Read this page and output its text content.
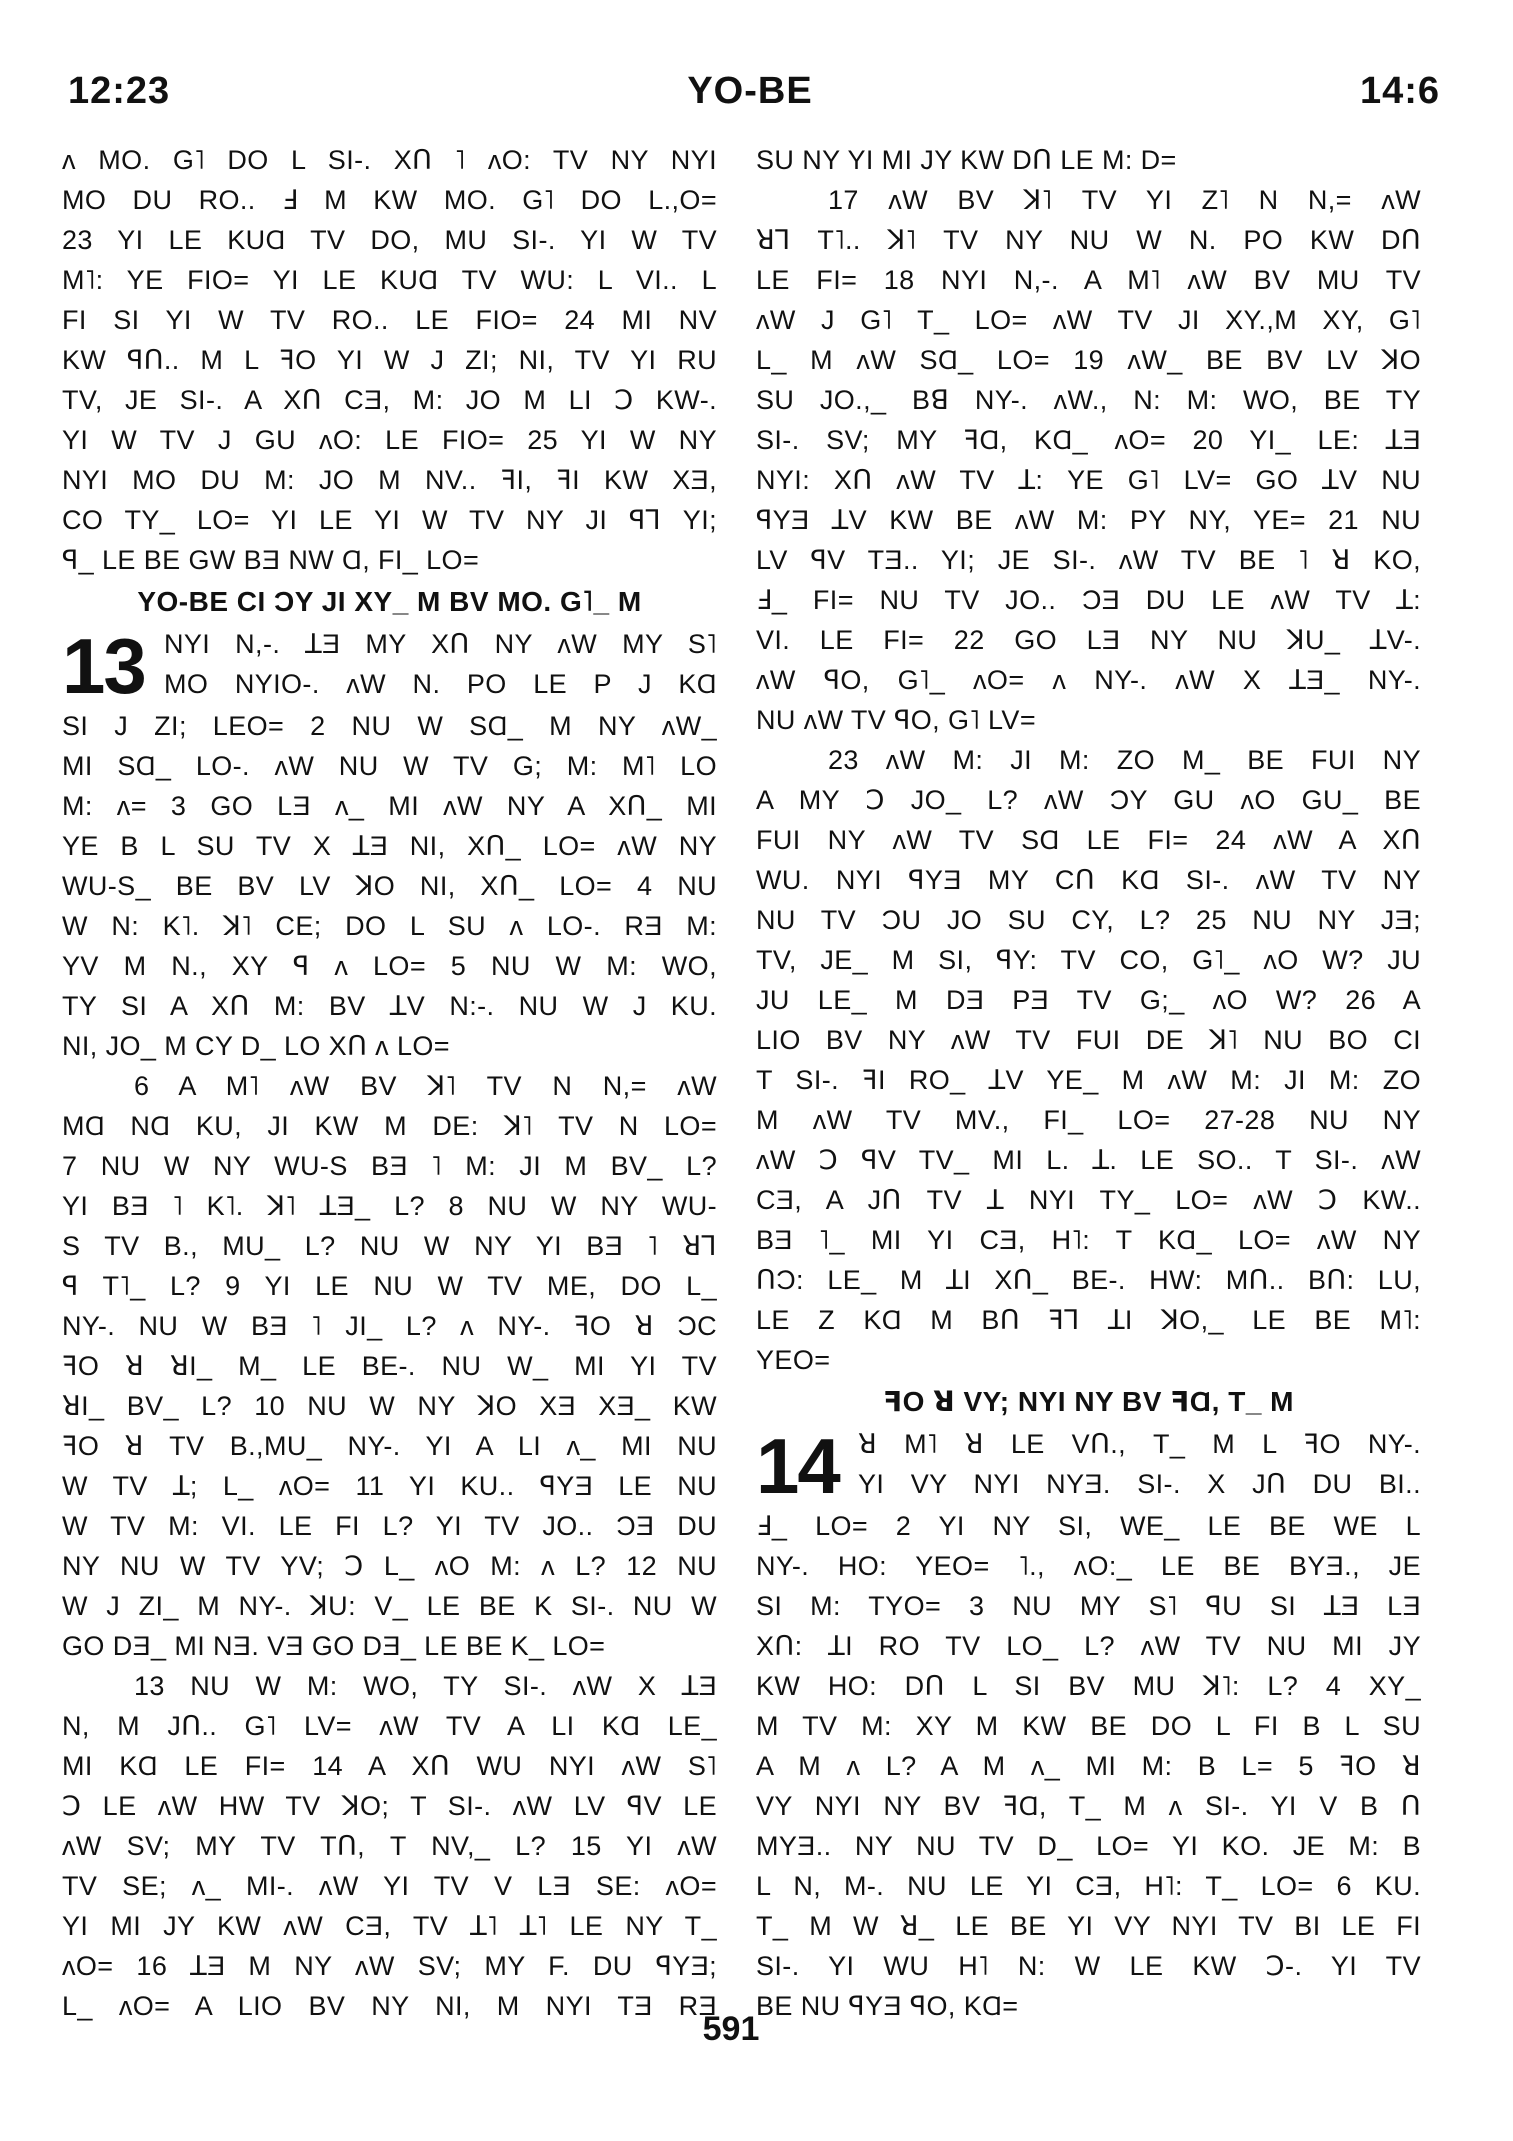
12:23	YO-BE	14:6
ʌ MO. G˥ DO L SI-. XՈ ˥ ʌO: TV NY NYI
MO DU RO.. Ⅎ M KW MO. G˥ DO L.,O=
23 YI LE KUⱭ TV DO, MU SI-. YI W TV
M˥: YE FIO= YI LE KUⱭ TV WU: L VI.. L
FI SI YI W TV RO.. LE FIO= 24 MI NV
KW ꟼՈ.. M L ꟻO YI W J ZI; NI, TV YI RU
TV, JE SI-. A XՈ CƎ, M: JO M LI Ↄ KW-.
YI W TV J GU ʌO: LE FIO= 25 YI W NY
NYI MO DU M: JO M NV.. ꟻI, ꟻI KW XƎ,
CO TY_ LO= YI LE YI W TV NY JI ꟼꓶ YI;
ꟼ_ LE BE GW BƎ NW Ɑ, FI_ LO=
YO-BE CI ƆY JI XY_ M BV MO. G˥_ M
13 NYI N,-. ꓕƎ MY XՈ NY ʌW MY S˥
MO NYIO-. ʌW N. PO LE P J KⱭ
SI J ZI; LEO= 2 NU W SⱭ_ M NY ʌW_
MI SⱭ_ LO-. ʌW NU W TV G; M: M˥ LO
M: ʌ= 3 GO LƎ ʌ_ MI ʌW NY A XՈ_ MI
YE B L SU TV X ꓕƎ NI, XՈ_ LO= ʌW NY
WU-S_ BE BV LV ꓘO NI, XՈ_ LO= 4 NU
W N: K˥. ꓘ˥ CE; DO L SU ʌ LO-. RƎ M:
YV M N., XY ꟼ ʌ LO= 5 NU W M: WO,
TY SI A XՈ M: BV ꓕV N:-. NU W J KU.
NI, JO_ M CY D_ LO XՈ ʌ LO=
6 A M˥ ʌW BV ꓘ˥ TV N N,= ʌW
MⱭ NⱭ KU, JI KW M DE: ꓘ˥ TV N LO=
7 NU W NY WU-S BƎ ˥ M: JI M BV_ L?
YI BƎ ˥ K˥. ꓘ˥ ꓕƎ_ L? 8 NU W NY WU-
S TV B., MU_ L? NU W NY YI BƎ ˥ ꓤꓶ
ꟼ T˥_ L? 9 YI LE NU W TV ME, DO L_
NY-. NU W BƎ ˥ JI_ L? ʌ NY-. ꟻO ꓤ ƆC
ꟻO ꓤ ꓤI_ M_ LE BE-. NU W_ MI YI TV
ꓤI_ BV_ L? 10 NU W NY ꓘO XƎ XƎ_ KW
ꟻO ꓤ TV B.,MU_ NY-. YI A LI ʌ_ MI NU
W TV ꓕ; L_ ʌO= 11 YI KU.. ꟼYƎ LE NU
W TV M: VI. LE FI L? YI TV JO.. ƆƎ DU
NY NU W TV YV; Ↄ L_ ʌO M: ʌ L? 12 NU
W J ZI_ M NY-. ꓘU: V_ LE BE K SI-. NU W
GO DƎ_ MI NƎ. VƎ GO DƎ_ LE BE K_ LO=
13 NU W M: WO, TY SI-. ʌW X ꓕƎ
N, M JՈ.. G˥ LV= ʌW TV A LI KⱭ LE_
MI KⱭ LE FI= 14 A XՈ WU NYI ʌW S˥
Ↄ LE ʌW HW TV ꓘO; T SI-. ʌW LV ꟼV LE
ʌW SV; MY TV TՈ, T NV,_ L? 15 YI ʌW
TV SE; ʌ_ MI-. ʌW YI TV V LƎ SE: ʌO=
YI MI JY KW ʌW CƎ, TV ꓕ˥ ꓕ˥ LE NY T_
ʌO= 16 ꓕƎ M NY ʌW SV; MY F. DU ꟼYƎ;
L_ ʌO= A LIO BV NY NI, M NYI TƎ RƎ
SU NY YI MI JY KW DՈ LE M: D=
17 ʌW BV ꓘ˥ TV YI Z˥ N N,= ʌW
ꓤꓶ T˥.. ꓘ˥ TV NY NU W N. PO KW DՈ
LE FI= 18 NYI N,-. A M˥ ʌW BV MU TV
ʌW J G˥ T_ LO= ʌW TV JI XY.,M XY, G˥
L_ M ʌW SⱭ_ LO= 19 ʌW_ BE BV LV ꓘO
SU JO.,_ Bꓭ NY-. ʌW., N: M: WO, BE TY
SI-. SV; MY ꟻⱭ, KⱭ_ ʌO= 20 YI_ LE: ꓕƎ
NYI: XՈ ʌW TV ꓕ: YE G˥ LV= GO ꓕV NU
ꟼYƎ ꓕV KW BE ʌW M: PY NY, YE= 21 NU
LV ꟼV TƎ.. YI; JE SI-. ʌW TV BE ˥ ꓤ KO,
Ⅎ_ FI= NU TV JO.. ƆƎ DU LE ʌW TV ꓕ:
VI. LE FI= 22 GO LƎ NY NU ꓘU_ ꓕV-.
ʌW ꟼO, G˥_ ʌO= ʌ NY-. ʌW X ꓕƎ_ NY-.
NU ʌW TV ꟼO, G˥ LV=
23 ʌW M: JI M: ZO M_ BE FUI NY
A MY Ↄ JO_ L? ʌW ƆY GU ʌO GU_ BE
FUI NY ʌW TV SⱭ LE FI= 24 ʌW A XՈ
WU. NYI ꟼYƎ MY CՈ KⱭ SI-. ʌW TV NY
NU TV ƆU JO SU CY, L? 25 NU NY JƎ;
TV, JE_ M SI, ꟼY: TV CO, G˥_ ʌO W? JU
JU LE_ M DƎ PƎ TV G;_ ʌO W? 26 A
LIO BV NY ʌW TV FUI DE ꓘ˥ NU BO CI
T SI-. ꟻI RO_ ꓕV YE_ M ʌW M: JI M: ZO
M ʌW TV MV., FI_ LO= 27-28 NU NY
ʌW Ↄ ꟼV TV_ MI L. ꓕ. LE SO.. T SI-. ʌW
CƎ, A JՈ TV ꓕ NYI TY_ LO= ʌW Ↄ KW..
BƎ ˥_ MI YI CƎ, H˥: T KⱭ_ LO= ʌW NY
ՈƆ: LE_ M ꓕI XՈ_ BE-. HW: MՈ.. BՈ: LU,
LE Z KⱭ M BՈ ꟻꓶ ꓕI ꓘO,_ LE BE M˥:
YEO=
ꟻO ꓤ VY; NYI NY BV ꟻⱭ, T_ M
14 ꓤ M˥ ꓤ LE VՈ., T_ M L ꟻO NY-.
YI VY NYI NYƎ. SI-. X JՈ DU BI..
Ⅎ_ LO= 2 YI NY SI, WE_ LE BE WE L
NY-. HO: YEO= ˥., ʌO:_ LE BE BYƎ., JE
SI M: TYO= 3 NU MY S˥ ꟼU SI ꓕƎ LƎ
XՈ: ꓕI RO TV LO_ L? ʌW TV NU MI JY
KW HO: DՈ L SI BV MU ꓘ˥: L? 4 XY_
M TV M: XY M KW BE DO L FI B L SU
A M ʌ L? A M ʌ_ MI M: B L= 5 ꟻO ꓤ
VY NYI NY BV ꟻⱭ, T_ M ʌ SI-. YI V B Ո
MYƎ.. NY NU TV D_ LO= YI KO. JE M: B
L N, M-. NU LE YI CƎ, H˥: T_ LO= 6 KU.
T_ M W ꓤ_ LE BE YI VY NYI TV BI LE FI
SI-. YI WU H˥ N: W LE KW Ↄ-. YI TV
BE NU ꟼYƎ ꟼO, KⱭ=
591
